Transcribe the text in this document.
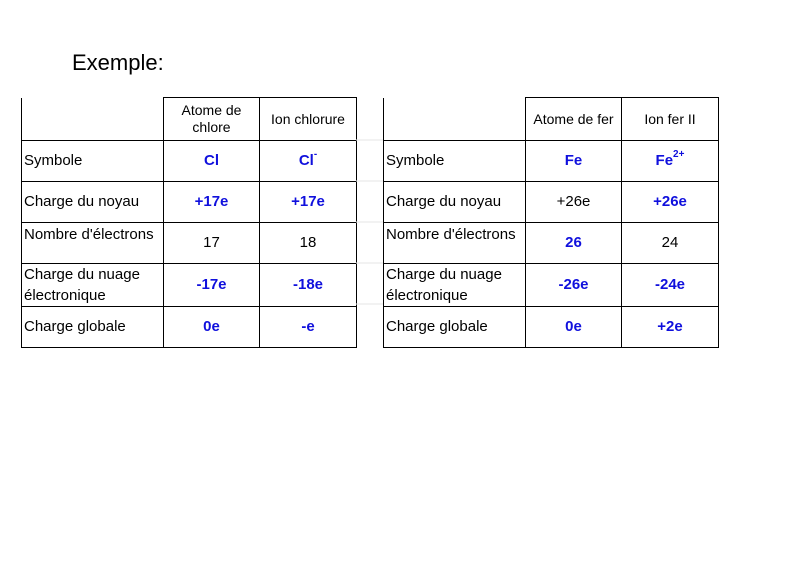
Exemple:
	Atome de chlore	Ion chlorure
Symbole	Cl	Cl-
Charge du noyau	+17e	+17e
Nombre d'électrons	17	18
Charge du nuage électronique	-17e	-18e
Charge globale	0e	-e
	Atome de fer	Ion fer II
Symbole	Fe	$Fe^{2+}$
Charge du noyau	+26e	+26e
Nombre d'électrons	26	24
Charge du nuage électronique	-26e	-24e
Charge globale	0e	+2e
